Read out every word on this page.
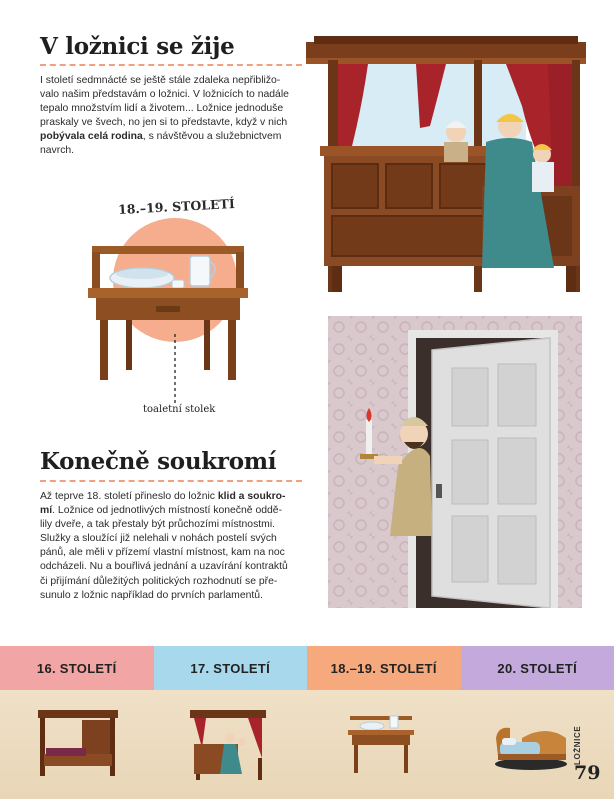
V ložnici se žije
I století sedmnácté se ještě stále zdaleka nepřibližo-
valo našim představám o ložnici. V ložnicích to nadále
tepalo množstvím lidí a životem... Ložnice jednoduše
praskaly ve švech, no jen si to představte, když v nich
pobývala celá rodina, s návštěvou a služebnictvem
navrch.
18.–19. STOLETÍ
toaletní stolek
Konečně soukromí
Až teprve 18. století přineslo do ložnic klid a soukro-
mí. Ložnice od jednotlivých místností konečně oddě-
lily dveře, a tak přestaly být průchozími místnostmi.
Služky a sloužící již nelehali v nohách postelí svých
pánů, ale měli v přízemí vlastní místnost, kam na noc
odcházeli. Nu a bouřlivá jednání a uzavírání kontraktů
či přijímání důležitých politických rozhodnutí se pře-
sunulo z ložnic například do prvních parlamentů.
16. STOLETÍ	17. STOLETÍ	18.–19. STOLETÍ	20. STOLETÍ
LOŽNICE
79
